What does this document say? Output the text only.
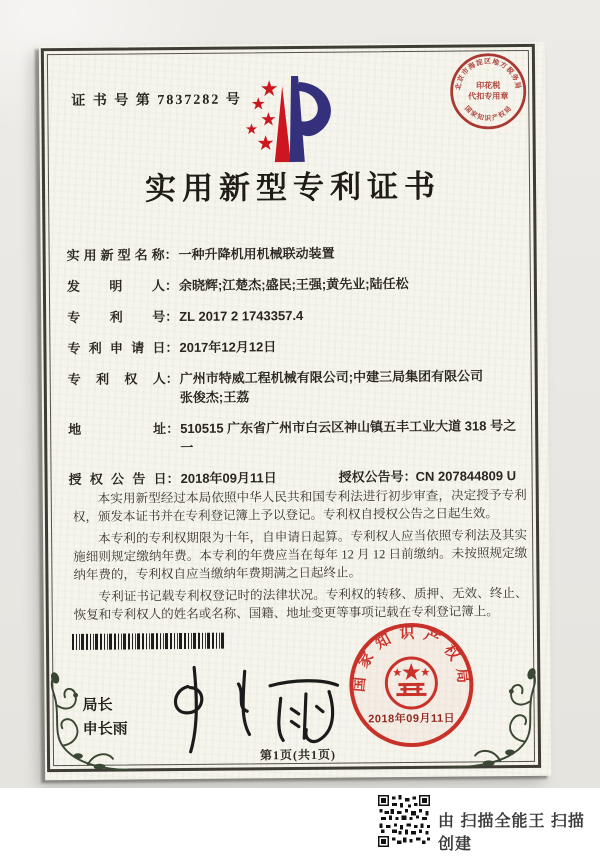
证 书 号 第 7837282 号
实用新型专利证书
北京市海淀区地方税务局
国家知识产权局
印花税
代扣专用章
实用新型名称：一种升降机用机械联动装置
发明人：余晓辉;江楚杰;盛民;王强;黄先业;陆任松
专利号：ZL 2017 2 1743357.4
专利申请日：2017年12月12日
专利权人： 广州市特威工程机械有限公司;中建三局集团有限公司
张俊杰;王荔
地址： 510515 广东省广州市白云区神山镇五丰工业大道 318 号之
一
授权公告日：2018年09月11日	授权公告号：CN 207844809 U

本实用新型经过本局依照中华人民共和国专利法进行初步审查，决定授予专利权，颁发本证书并在专利登记簿上予以登记。专利权自授权公告之日起生效。

本专利的专利权期限为十年，自申请日起算。专利权人应当依照专利法及其实施细则规定缴纳年费。本专利的年费应当在每年 12 月 12 日前缴纳。未按照规定缴纳年费的，专利权自应当缴纳年费期满之日起终止。

专利证书记载专利权登记时的法律状况。专利权的转移、质押、无效、终止、恢复和专利权人的姓名或名称、国籍、地址变更等事项记载在专利登记簿上。

局长
申长雨
国家知识产权局
2018年09月11日
第1页(共1页)
由 扫描全能王 扫描创建
